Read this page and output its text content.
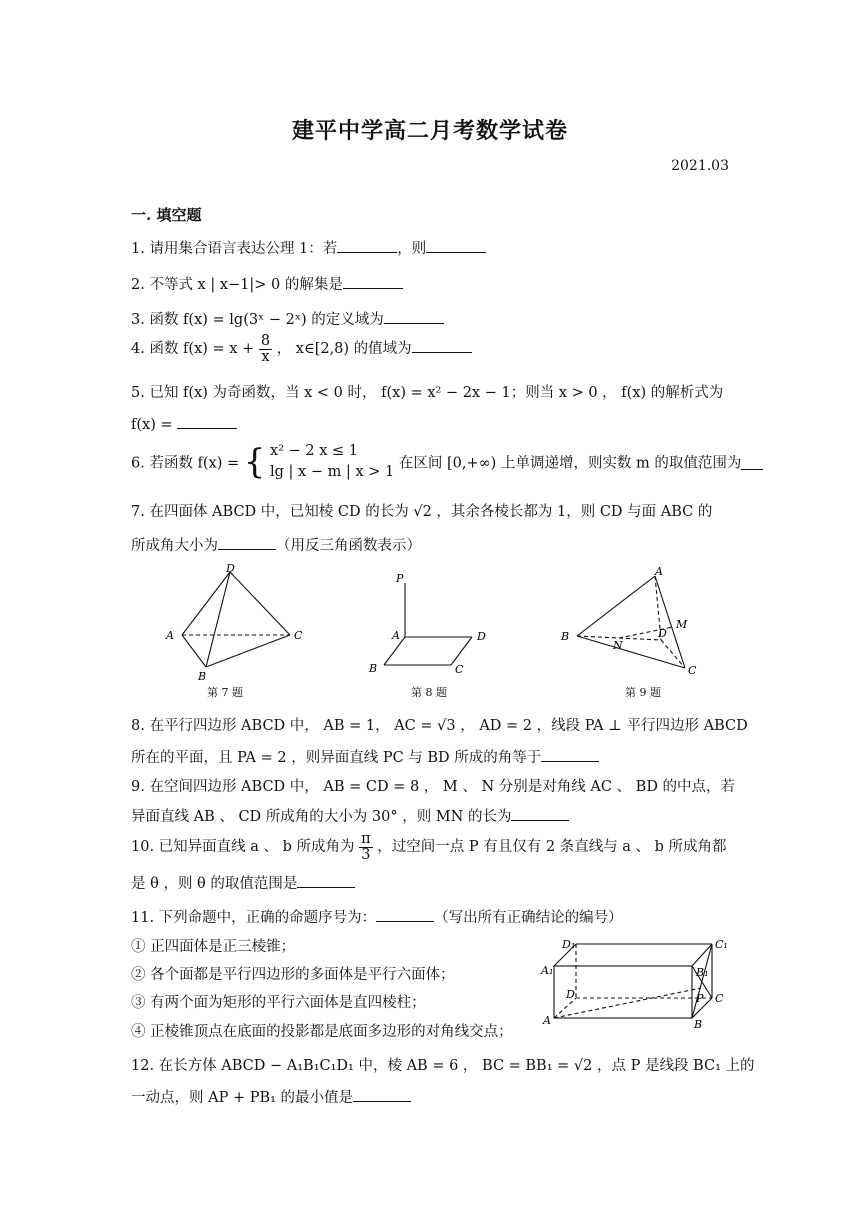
建平中学高二月考数学试卷
2021.03
一. 填空题
1. 请用集合语言表达公理 1：若	，则
2. 不等式 x | x−1|> 0 的解集是
3. 函数 f(x) = lg(3ˣ − 2ˣ) 的定义域为
4. 函数 $f(x) = x + \frac{8}{x}$ ， x∈[2,8) 的值域为
5. 已知 f(x) 为奇函数，当 x < 0 时， f(x) = x² − 2x − 1；则当 x > 0 ， f(x) 的解析式为
f(x) =
6. 若函数 f(x) = { x² − 2 x ≤ 1
lg | x − m | x > 1
在区间 [0,+∞) 上单调递增，则实数 m 的取值范围为
7. 在四面体 ABCD 中，已知棱 CD 的长为 √2 ，其余各棱长都为 1，则 CD 与面 ABC 的
所成角大小为	（用反三角函数表示）
D
A	C
B
第 7 题
P
A	D
B	C
第 8 题
A
M
D
B
N
C
第 9 题
8. 在平行四边形 ABCD 中， AB = 1， AC = √3 ， AD = 2 ，线段 PA ⊥ 平行四边形 ABCD
所在的平面，且 PA = 2 ，则异面直线 PC 与 BD 所成的角等于
9. 在空间四边形 ABCD 中， AB = CD = 8 ， M 、 N 分别是对角线 AC 、 BD 的中点，若
异面直线 AB 、 CD 所成角的大小为 30° ，则 MN 的长为
10. 已知异面直线 a 、 b 所成角为 $\frac{\pi}{3}$ ，过空间一点 P 有且仅有 2 条直线与 a 、 b 所成角都
是 θ ，则 θ 的取值范围是
11. 下列命题中，正确的命题序号为：	（写出所有正确结论的编号）
① 正四面体是正三棱锥；
② 各个面都是平行四边形的多面体是平行六面体；
③ 有两个面为矩形的平行六面体是直四棱柱；
④ 正棱锥顶点在底面的投影都是底面多边形的对角线交点；
D₁	C₁
A₁	B₁
D	C
P
A	B
12. 在长方体 ABCD − A₁B₁C₁D₁ 中，棱 AB = 6 ， BC = BB₁ = √2 ，点 P 是线段 BC₁ 上的
一动点，则 AP + PB₁ 的最小值是
